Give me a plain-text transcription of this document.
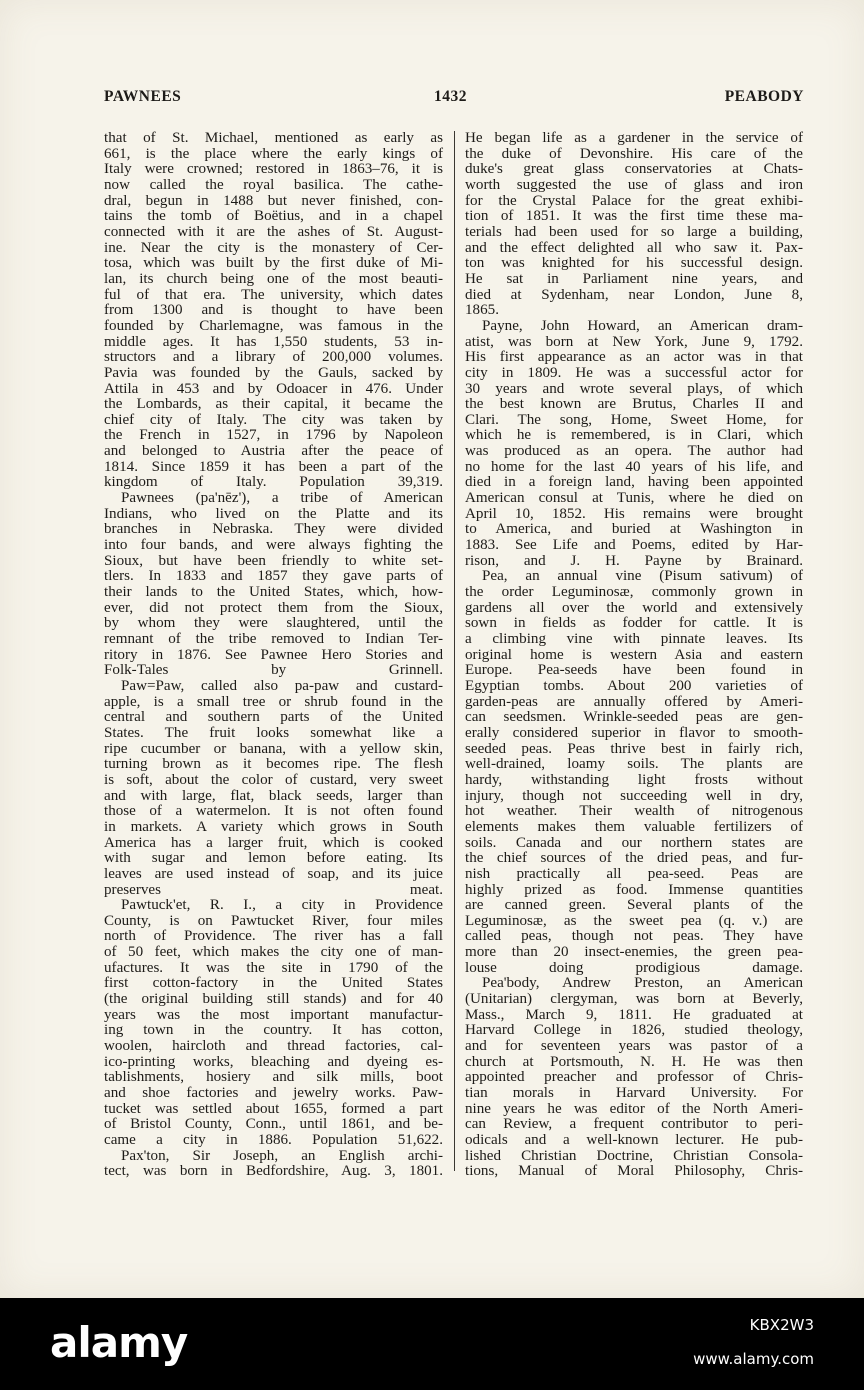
PAWNEES	1432	PEABODY

that of St. Michael, mentioned as early as

661, is the place where the early kings of

Italy were crowned; restored in 1863–76, it is

now called the royal basilica. The cathe-

dral, begun in 1488 but never finished, con-

tains the tomb of Boëtius, and in a chapel

connected with it are the ashes of St. August-

ine. Near the city is the monastery of Cer-

tosa, which was built by the first duke of Mi-

lan, its church being one of the most beauti-

ful of that era. The university, which dates

from 1300 and is thought to have been

founded by Charlemagne, was famous in the

middle ages. It has 1,550 students, 53 in-

structors and a library of 200,000 volumes.

Pavia was founded by the Gauls, sacked by

Attila in 453 and by Odoacer in 476. Under

the Lombards, as their capital, it became the

chief city of Italy. The city was taken by

the French in 1527, in 1796 by Napoleon

and belonged to Austria after the peace of

1814. Since 1859 it has been a part of the

kingdom of Italy. Population 39,319.

Pawnees (pa'nēz'), a tribe of American

Indians, who lived on the Platte and its

branches in Nebraska. They were divided

into four bands, and were always fighting the

Sioux, but have been friendly to white set-

tlers. In 1833 and 1857 they gave parts of

their lands to the United States, which, how-

ever, did not protect them from the Sioux,

by whom they were slaughtered, until the

remnant of the tribe removed to Indian Ter-

ritory in 1876. See Pawnee Hero Stories and

Folk-Tales by Grinnell.

Paw=Paw, called also pa-paw and custard-

apple, is a small tree or shrub found in the

central and southern parts of the United

States. The fruit looks somewhat like a

ripe cucumber or banana, with a yellow skin,

turning brown as it becomes ripe. The flesh

is soft, about the color of custard, very sweet

and with large, flat, black seeds, larger than

those of a watermelon. It is not often found

in markets. A variety which grows in South

America has a larger fruit, which is cooked

with sugar and lemon before eating. Its

leaves are used instead of soap, and its juice

preserves meat.

Pawtuck'et, R. I., a city in Providence

County, is on Pawtucket River, four miles

north of Providence. The river has a fall

of 50 feet, which makes the city one of man-

ufactures. It was the site in 1790 of the

first cotton-factory in the United States

(the original building still stands) and for 40

years was the most important manufactur-

ing town in the country. It has cotton,

woolen, haircloth and thread factories, cal-

ico-printing works, bleaching and dyeing es-

tablishments, hosiery and silk mills, boot

and shoe factories and jewelry works. Paw-

tucket was settled about 1655, formed a part

of Bristol County, Conn., until 1861, and be-

came a city in 1886. Population 51,622.

Pax'ton, Sir Joseph, an English archi-

tect, was born in Bedfordshire, Aug. 3, 1801.

He began life as a gardener in the service of

the duke of Devonshire. His care of the

duke's great glass conservatories at Chats-

worth suggested the use of glass and iron

for the Crystal Palace for the great exhibi-

tion of 1851. It was the first time these ma-

terials had been used for so large a building,

and the effect delighted all who saw it. Pax-

ton was knighted for his successful design.

He sat in Parliament nine years, and

died at Sydenham, near London, June 8,

1865.

Payne, John Howard, an American dram-

atist, was born at New York, June 9, 1792.

His first appearance as an actor was in that

city in 1809. He was a successful actor for

30 years and wrote several plays, of which

the best known are Brutus, Charles II and

Clari. The song, Home, Sweet Home, for

which he is remembered, is in Clari, which

was produced as an opera. The author had

no home for the last 40 years of his life, and

died in a foreign land, having been appointed

American consul at Tunis, where he died on

April 10, 1852. His remains were brought

to America, and buried at Washington in

1883. See Life and Poems, edited by Har-

rison, and J. H. Payne by Brainard.

Pea, an annual vine (Pisum sativum) of

the order Leguminosæ, commonly grown in

gardens all over the world and extensively

sown in fields as fodder for cattle. It is

a climbing vine with pinnate leaves. Its

original home is western Asia and eastern

Europe. Pea-seeds have been found in

Egyptian tombs. About 200 varieties of

garden-peas are annually offered by Ameri-

can seedsmen. Wrinkle-seeded peas are gen-

erally considered superior in flavor to smooth-

seeded peas. Peas thrive best in fairly rich,

well-drained, loamy soils. The plants are

hardy, withstanding light frosts without

injury, though not succeeding well in dry,

hot weather. Their wealth of nitrogenous

elements makes them valuable fertilizers of

soils. Canada and our northern states are

the chief sources of the dried peas, and fur-

nish practically all pea-seed. Peas are

highly prized as food. Immense quantities

are canned green. Several plants of the

Leguminosæ, as the sweet pea (q. v.) are

called peas, though not peas. They have

more than 20 insect-enemies, the green pea-

louse doing prodigious damage.

Pea'body, Andrew Preston, an American

(Unitarian) clergyman, was born at Beverly,

Mass., March 9, 1811. He graduated at

Harvard College in 1826, studied theology,

and for seventeen years was pastor of a

church at Portsmouth, N. H. He was then

appointed preacher and professor of Chris-

tian morals in Harvard University. For

nine years he was editor of the North Ameri-

can Review, a frequent contributor to peri-

odicals and a well-known lecturer. He pub-

lished Christian Doctrine, Christian Consola-

tions, Manual of Moral Philosophy, Chris-

alamy	KBX2W3
www.alamy.com
